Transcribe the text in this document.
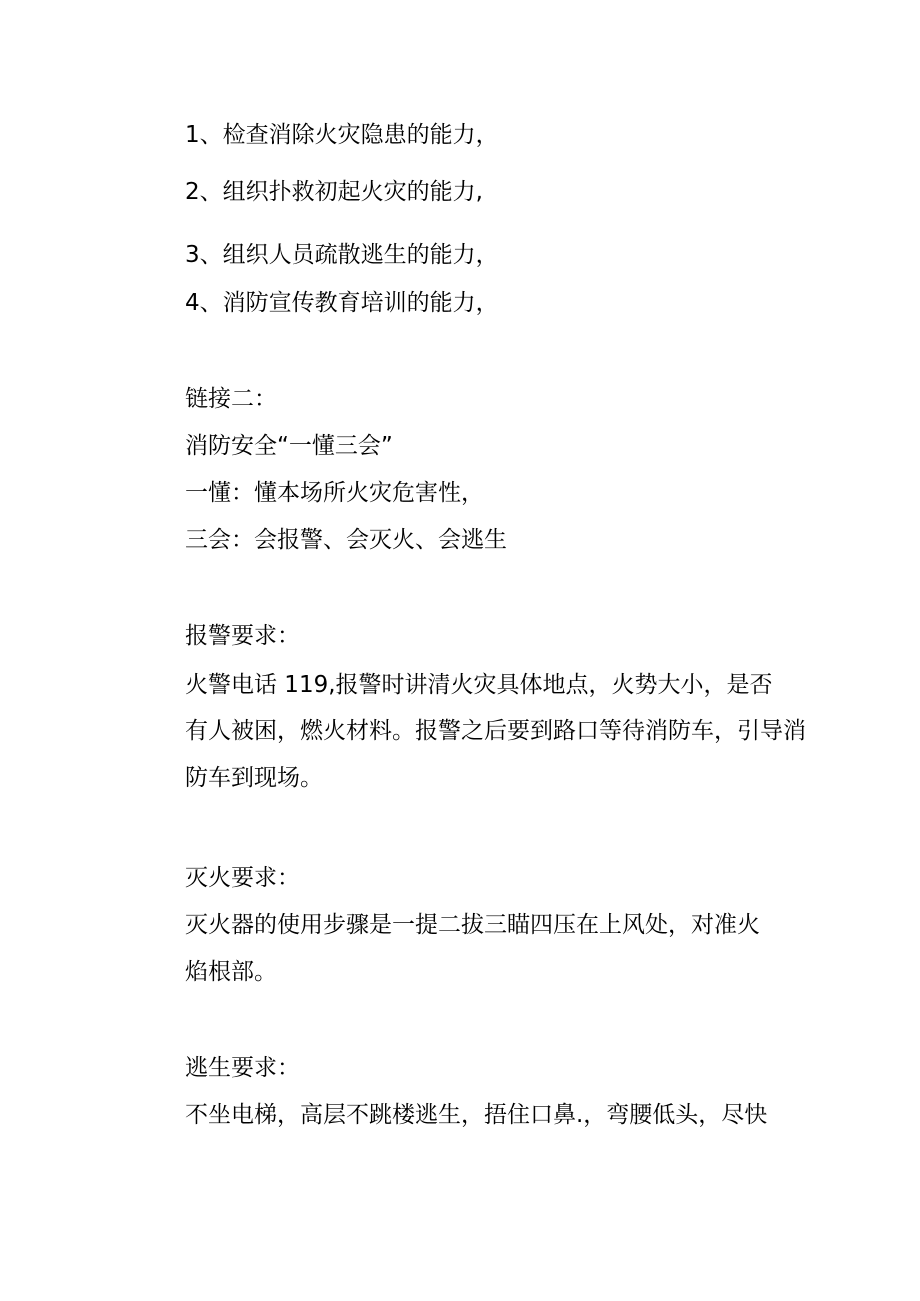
1、检查消除火灾隐患的能力，
2、组织扑救初起火灾的能力,
3、组织人员疏散逃生的能力，
4、消防宣传教育培训的能力，
链接二：
消防安全“一懂三会”
一懂：懂本场所火灾危害性，
三会：会报警、会灭火、会逃生
报警要求：
火警电话 119,报警时讲清火灾具体地点，火势大小，是否
有人被困，燃火材料。报警之后要到路口等待消防车，引导消
防车到现场。
灭火要求：
灭火器的使用步骤是一提二拔三瞄四压在上风处，对准火
焰根部。
逃生要求：
不坐电梯，高层不跳楼逃生，捂住口鼻.，弯腰低头，尽快
